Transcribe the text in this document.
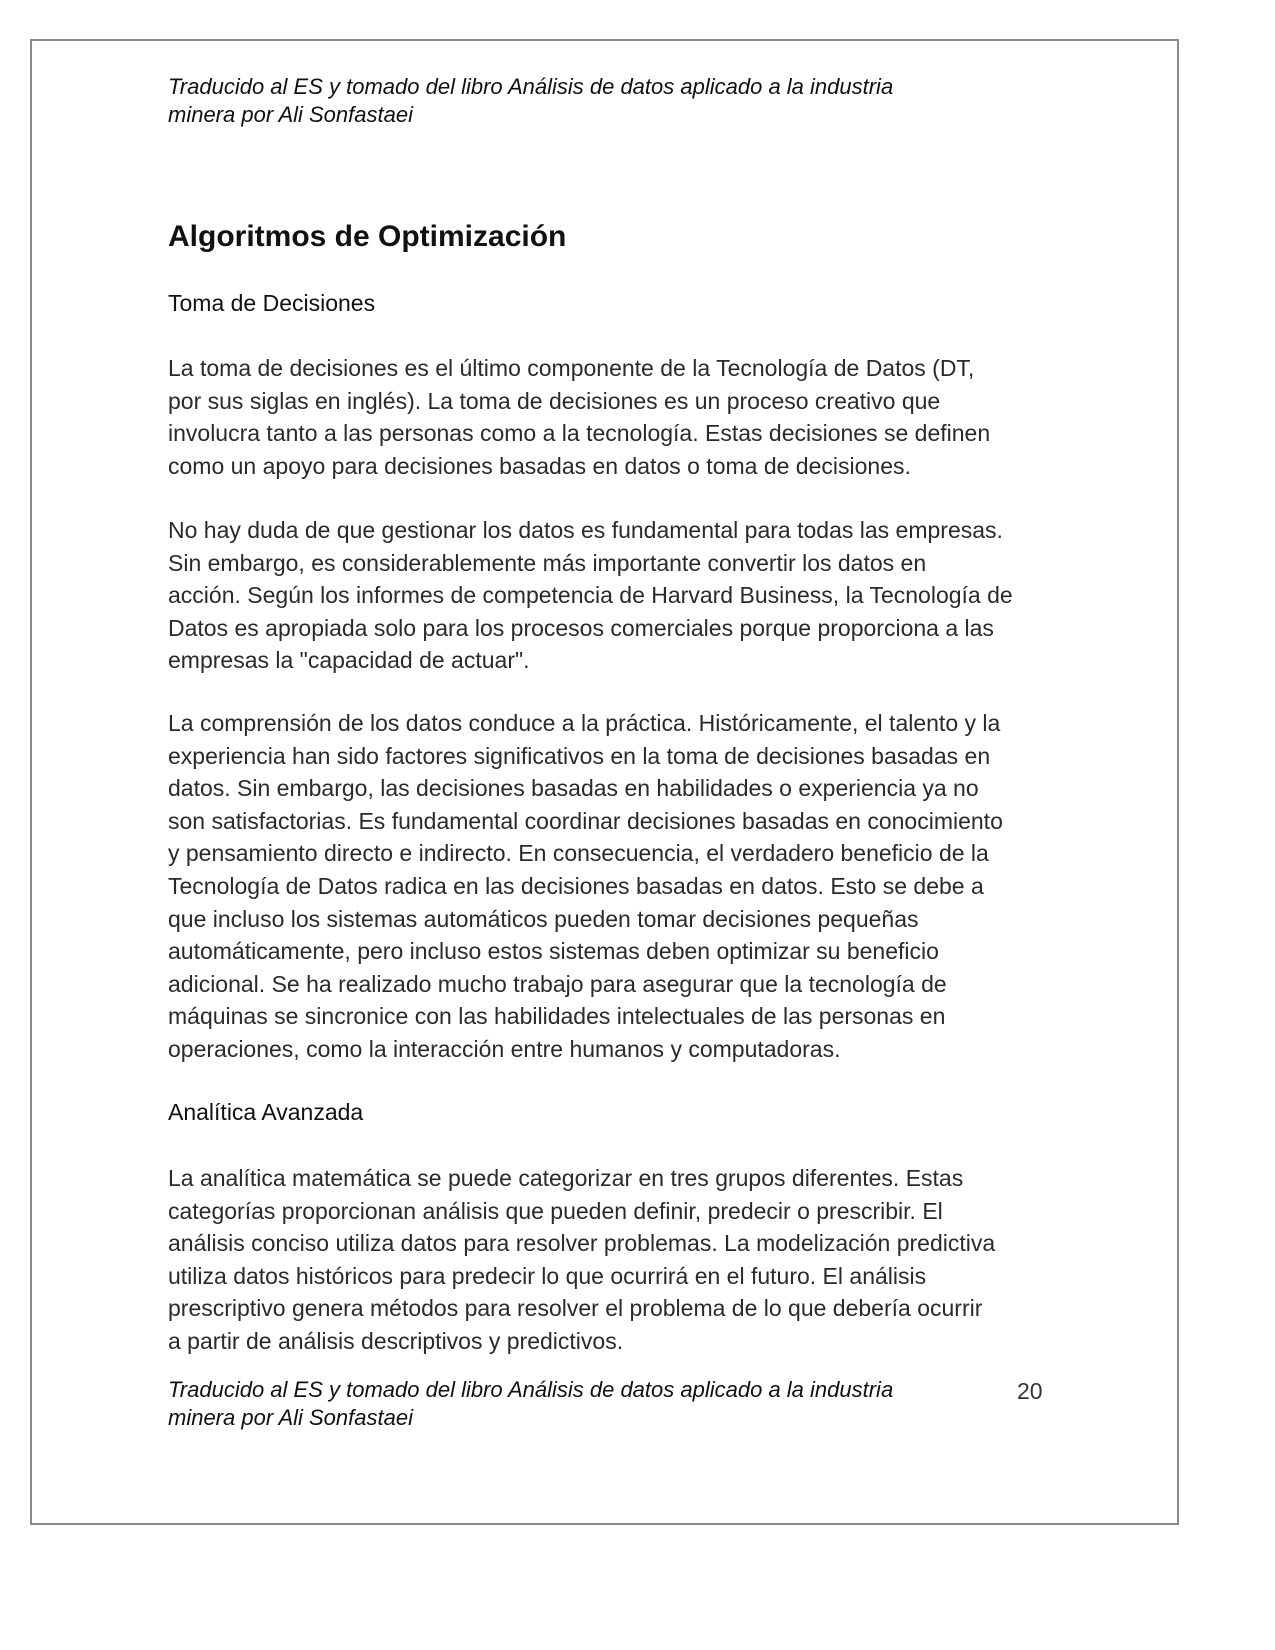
Traducido al ES y tomado del libro Análisis de datos aplicado a la industria
minera por Ali Sonfastaei
Algoritmos de Optimización
Toma de Decisiones
La toma de decisiones es el último componente de la Tecnología de Datos (DT,
por sus siglas en inglés). La toma de decisiones es un proceso creativo que
involucra tanto a las personas como a la tecnología. Estas decisiones se definen
como un apoyo para decisiones basadas en datos o toma de decisiones.
No hay duda de que gestionar los datos es fundamental para todas las empresas.
Sin embargo, es considerablemente más importante convertir los datos en
acción. Según los informes de competencia de Harvard Business, la Tecnología de
Datos es apropiada solo para los procesos comerciales porque proporciona a las
empresas la "capacidad de actuar".
La comprensión de los datos conduce a la práctica. Históricamente, el talento y la
experiencia han sido factores significativos en la toma de decisiones basadas en
datos. Sin embargo, las decisiones basadas en habilidades o experiencia ya no
son satisfactorias. Es fundamental coordinar decisiones basadas en conocimiento
y pensamiento directo e indirecto. En consecuencia, el verdadero beneficio de la
Tecnología de Datos radica en las decisiones basadas en datos. Esto se debe a
que incluso los sistemas automáticos pueden tomar decisiones pequeñas
automáticamente, pero incluso estos sistemas deben optimizar su beneficio
adicional. Se ha realizado mucho trabajo para asegurar que la tecnología de
máquinas se sincronice con las habilidades intelectuales de las personas en
operaciones, como la interacción entre humanos y computadoras.
Analítica Avanzada
La analítica matemática se puede categorizar en tres grupos diferentes. Estas
categorías proporcionan análisis que pueden definir, predecir o prescribir. El
análisis conciso utiliza datos para resolver problemas. La modelización predictiva
utiliza datos históricos para predecir lo que ocurrirá en el futuro. El análisis
prescriptivo genera métodos para resolver el problema de lo que debería ocurrir
a partir de análisis descriptivos y predictivos.
Traducido al ES y tomado del libro Análisis de datos aplicado a la industria
minera por Ali Sonfastaei
20
